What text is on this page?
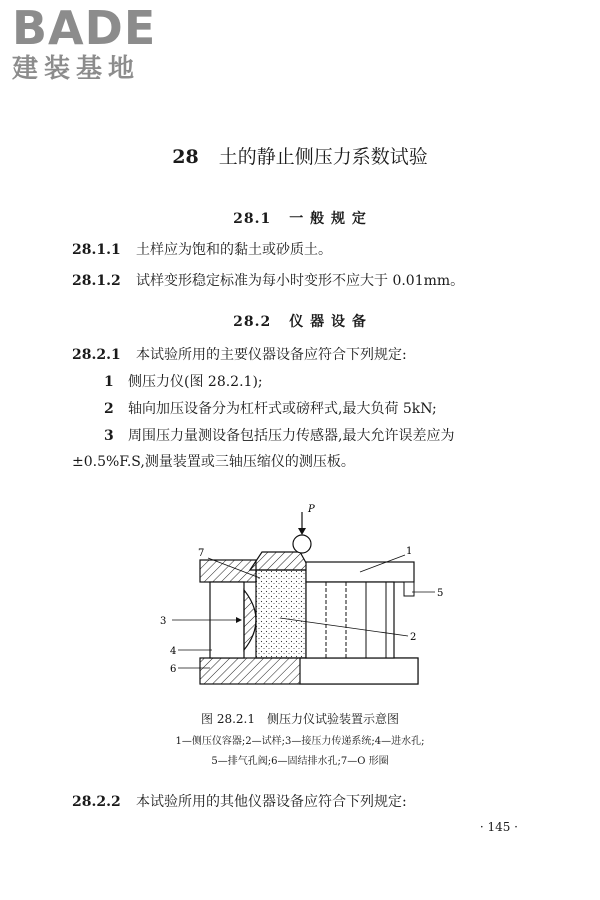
BADE
建装基地
28 土的静止侧压力系数试验
28.1 一 般 规 定
28.1.1 土样应为饱和的黏土或砂质土。
28.1.2 试样变形稳定标准为每小时变形不应大于 0.01mm。
28.2 仪 器 设 备
28.2.1 本试验所用的主要仪器设备应符合下列规定:
1 侧压力仪(图 28.2.1);
2 轴向加压设备分为杠杆式或磅秤式,最大负荷 5kN;
3 周围压力量测设备包括压力传感器,最大允许误差应为
±0.5%F.S,测量装置或三轴压缩仪的测压板。
P
7	1
5
3
4
6
2
图 28.2.1　侧压力仪试验装置示意图
1—侧压仪容器;2—试样;3—接压力传递系统;4—进水孔;
5—排气孔阀;6—固结排水孔;7—O 形圈
28.2.2 本试验所用的其他仪器设备应符合下列规定:
· 145 ·
